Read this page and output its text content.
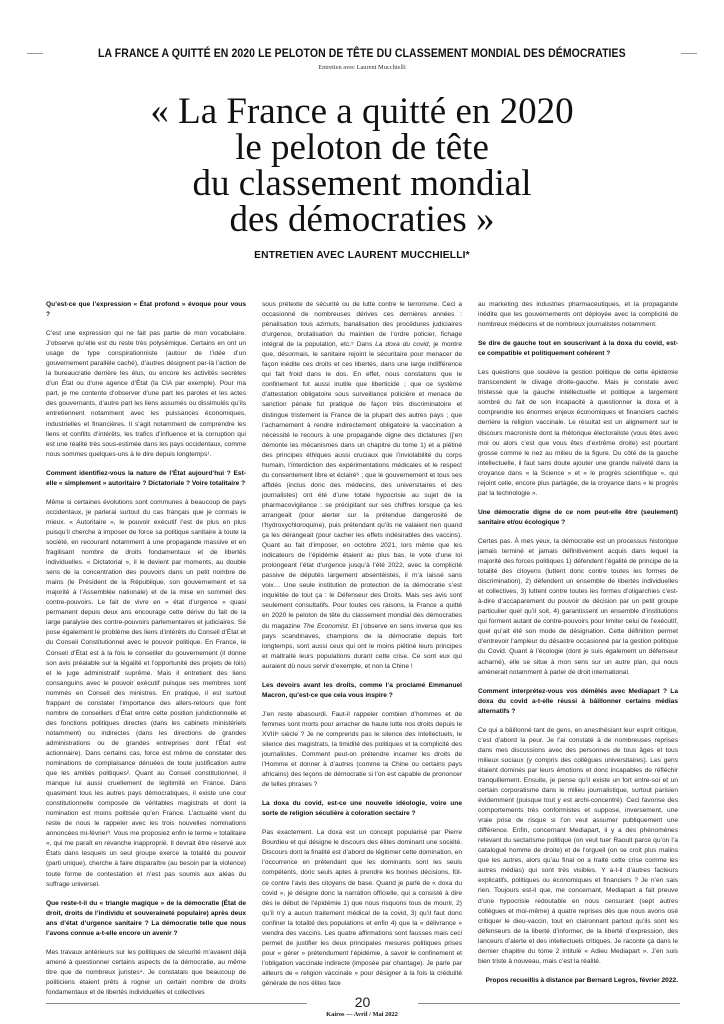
LA FRANCE A QUITTÉ EN 2020 LE PELOTON DE TÊTE DU CLASSEMENT MONDIAL DES DÉMOCRATIES
Entretien avec Laurent Mucchielli
« La France a quitté en 2020
le peloton de tête
du classement mondial
des démocraties »
ENTRETIEN AVEC LAURENT MUCCHIELLI*

Qu’est-ce que l’expression « État profond » évoque pour vous ?

C’est une expression qui ne fait pas partie de mon vocabulaire. J’observe qu’elle est du reste très polysémique. Certains en ont un usage de type conspirationniste (autour de l’idée d’un gouvernement parallèle caché), d’autres désignent par-là l’action de la bureaucratie derrière les élus, ou encore les activités secrètes d’un État ou d’une agence d’État (la CIA par exemple). Pour ma part, je me contente d’observer d’une part les paroles et les actes des gouvernants, d’autre part les liens assumés ou dissimulés qu’ils entretiennent notamment avec les puissances économiques, industrielles et financières. Il s’agit notamment de comprendre les liens et conflits d’intérêts, les trafics d’influence et la corruption qui est une réalité très sous-estimée dans les pays occidentaux, comme nous sommes quelques-uns à le dire depuis longtemps¹.

Comment identifiez-vous la nature de l’État aujourd’hui ? Est-elle « simplement » autoritaire ? Dictatoriale ? Voire totalitaire ?

Même si certaines évolutions sont communes à beaucoup de pays occidentaux, je parlerai surtout du cas français que je connais le mieux. « Autoritaire », le pouvoir exécutif l’est de plus en plus puisqu’il cherche à imposer de force sa politique sanitaire à toute la société, en recourant notamment à une propagande massive et en fragilisant nombre de droits fondamentaux et de libertés individuelles. « Dictatorial », il le devient par moments, au double sens de la concentration des pouvoirs dans un petit nombre de mains (le Président de la République, son gouvernement et sa majorité à l’Assemblée nationale) et de la mise en sommeil des contre-pouvoirs. Le fait de vivre en « état d’urgence » quasi permanent depuis deux ans encourage cette dérive du fait de la large paralysie des contre-pouvoirs parlementaires et judiciaires. Se pose également le problème des liens d’intérêts du Conseil d’État et du Conseil Constitutionnel avec le pouvoir politique. En France, le Conseil d’État est à la fois le conseiller du gouvernement (il donne son avis préalable sur la légalité et l’opportunité des projets de lois) et le juge administratif suprême. Mais il entretient des liens consanguins avec le pouvoir exécutif puisque ses membres sont nommés en Conseil des ministres. En pratique, il est surtout frappant de constater l’importance des allers-retours que font nombre de conseillers d’État entre cette position juridictionnelle et des fonctions politiques directes (dans les cabinets ministériels notamment) ou indirectes (dans les directions de grandes administrations ou de grandes entreprises dont l’État est actionnaire). Dans certains cas, force est même de constater des nominations de complaisance dénuées de toute justification autre que les amitiés politiques². Quant au Conseil constitutionnel, il manque lui aussi cruellement de légitimité en France. Dans quasiment tous les autres pays démocratiques, il existe une cour constitutionnelle composée de véritables magistrats et dont la nomination est moins politisée qu’en France. L’actualité vient du reste de nous le rappeler avec les trois nouvelles nominations annoncées mi-février³. Vous me proposiez enfin le terme « totalitaire », qui me paraît en revanche inapproprié. Il devrait être réservé aux États dans lesquels un seul groupe exerce la totalité du pouvoir (parti unique), cherche à faire disparaître (au besoin par la violence) toute forme de contestation et n’est pas soumis aux aléas du suffrage universel.

Que reste-t-il du « triangle magique » de la démocratie (État de droit, droits de l’individu et souveraineté populaire) après deux ans d’état d’urgence sanitaire ? La démocratie telle que nous l’avons connue a-t-elle encore un avenir ?

Mes travaux antérieurs sur les politiques de sécurité m’avaient déjà amené à questionner certains aspects de la démocratie, au même titre que de nombreux juristes⁴. Je constatais que beaucoup de politiciens étaient prêts à rogner un certain nombre de droits fondamentaux et de libertés individuelles et collectives

sous prétexte de sécurité ou de lutte contre le terrorisme. Ceci a occasionné de nombreuses dérives ces dernières années : pénalisation tous azimuts, banalisation des procédures judiciaires d’urgence, brutalisation du maintien de l’ordre policier, fichage intégral de la population, etc.⁵ Dans La doxa du covid, je montre que, désormais, le sanitaire rejoint le sécuritaire pour menacer de façon inédite ces droits et ces libertés, dans une large indifférence qui fait froid dans le dos. En effet, nous constatons que le confinement fut aussi inutile que liberticide ; que ce système d’attestation obligatoire sous surveillance policière et menace de sanction pénale fut pratiqué de façon très discriminatoire et distingue tristement la France de la plupart des autres pays ; que l’acharnement à rendre indirectement obligatoire la vaccination a nécessité le recours à une propagande digne des dictatures (j’en démonte les mécanismes dans un chapitre du tome 1) et a piétiné des principes éthiques aussi cruciaux que l’inviolabilité du corps humain, l’interdiction des expérimentations médicales et le respect du consentement libre et éclairé⁶ ; que le gouvernement et tous ses affidés (inclus donc des médecins, des universitaires et des journalistes) ont été d’une totale hypocrisie au sujet de la pharmacovigilance : se précipitant sur ses chiffres lorsque ça les arrangeait (pour alerter sur la prétendue dangerosité de l’hydroxychloroquine), puis prétendant qu’ils ne valaient rien quand ça les dérangeait (pour cacher les effets indésirables des vaccins). Quant au fait d’imposer, en octobre 2021, lors même que les indicateurs de l’épidémie étaient au plus bas, le vote d’une loi prolongeant l’état d’urgence jusqu’à l’été 2022, avec la complicité passive de députés largement absentéistes, il m’a laissé sans voix… Une seule institution de protection de la démocratie s’est inquiétée de tout ça : le Défenseur des Droits. Mais ses avis sont seulement consultatifs. Pour toutes ces raisons, la France a quitté en 2020 le peloton de tête du classement mondial des démocraties du magazine The Economist. Et j’observe en sens inverse que les pays scandinaves, champions de la démocratie depuis fort longtemps, sont aussi ceux qui ont le moins piétiné leurs principes et maltraité leurs populations durant cette crise. Ce sont eux qui auraient dû nous servir d’exemple, et non la Chine !

Les devoirs avant les droits, comme l’a proclamé Emmanuel Macron, qu’est-ce que cela vous inspire ?

J’en reste abasourdi. Faut-il rappeler combien d’hommes et de femmes sont morts pour arracher de haute lutte nos droits depuis le XVIIIᵉ siècle ? Je ne comprends pas le silence des intellectuels, le silence des magistrats, la timidité des politiques et la complicité des journalistes. Comment peut-on prétendre incarner les droits de l’Homme et donner à d’autres (comme la Chine ou certains pays africains) des leçons de démocratie si l’on est capable de prononcer de telles phrases ?

La doxa du covid, est-ce une nouvelle idéologie, voire une sorte de religion séculière à coloration sectaire ?

Pas exactement. La doxa est un concept popularisé par Pierre Bourdieu et qui désigne le discours des élites dominant une société. Discours dont la finalité est d’abord de légitimer cette domination, en l’occurrence en prétendant que les dominants sont les seuls compétents, donc seuls aptes à prendre les bonnes décisions, fût-ce contre l’avis des citoyens de base. Quand je parle de « doxa du covid », je désigne donc la narration officielle, qui a consisté à dire dès le début de l’épidémie 1) que nous risquons tous de mourir, 2) qu’il n’y a aucun traitement médical de la covid, 3) qu’il faut donc confiner la totalité des populations et enfin 4) que la « délivrance » viendra des vaccins. Les quatre affirmations sont fausses mais ceci permet de justifier les deux principales mesures politiques prises pour « gérer » prétendument l’épidémie, à savoir le confinement et l’obligation vaccinale indirecte (imposée par chantage). Je parle par ailleurs de « religion vaccinale » pour désigner à la fois la crédulité générale de nos élites face

au marketing des industries pharmaceutiques, et la propagande inédite que les gouvernements ont déployée avec la complicité de nombreux médecins et de nombreux journalistes notamment.

Se dire de gauche tout en souscrivant à la doxa du covid, est-ce compatible et politiquement cohérent ?

Les questions que soulève la gestion politique de cette épidémie transcendent le clivage droite-gauche. Mais je constate avec tristesse que la gauche intellectuelle et politique a largement sombré du fait de son incapacité à questionner la doxa et à comprendre les énormes enjeux économiques et financiers cachés derrière la religion vaccinale. Le résultat est un alignement sur le discours macroniste dont la rhétorique électoraliste (vous êtes avec moi ou alors c’est que vous êtes d’extrême droite) est pourtant grosse comme le nez au milieu de la figure. Du côté de la gauche intellectuelle, il faut sans doute ajouter une grande naïveté dans la croyance dans « la Science » et « le progrès scientifique », qui rejoint celle, encore plus partagée, de la croyance dans « le progrès par la technologie ».

Une démocratie digne de ce nom peut-elle être (seulement) sanitaire et/ou écologique ?

Certes pas. À mes yeux, la démocratie est un processus historique jamais terminé et jamais définitivement acquis dans lequel la majorité des forces politiques 1) défendent l’égalité de principe de la totalité des citoyens (luttent donc contre toutes les formes de discrimination), 2) défendent un ensemble de libertés individuelles et collectives, 3) luttent contre toutes les formes d’oligarchies c’est-à-dire d’accaparement du pouvoir de décision par un petit groupe particulier quel qu’il soit, 4) garantissent un ensemble d’institutions qui forment autant de contre-pouvoirs pour limiter celui de l’exécutif, quel qu’ait été son mode de désignation. Cette définition permet d’entrevoir l’ampleur du désastre occasionné par la gestion politique du Covid. Quant à l’écologie (dont je suis également un défenseur acharné), elle se situe à mon sens sur un autre plan, qui nous amènerait notamment à parler de droit international.

Comment interprétez-vous vos démêlés avec Mediapart ? La doxa du covid a-t-elle réussi à bâillonner certains médias alternatifs ?

Ce qui a bâillonné tant de gens, en anesthésiant leur esprit critique, c’est d’abord la peur. Je l’ai constaté à de nombreuses reprises dans mes discussions avec des personnes de tous âges et tous milieux sociaux (y compris des collègues universitaires). Les gens étaient dominés par leurs émotions et donc incapables de réfléchir tranquillement. Ensuite, je pense qu’il existe un fort entre-soi et un certain corporatisme dans le milieu journalistique, surtout parisien évidemment (puisque tout y est archi-concentré). Ceci favorise des comportements très conformistes et suppose, inversement, une vraie prise de risque si l’on veut assumer publiquement une différence. Enfin, concernant Mediapart, il y a des phénomènes relevant du sectarisme politique (on veut tuer Raoult parce qu’on l’a catalogué homme de droite) et de l’orgueil (on se croit plus malins que les autres, alors qu’au final on a traité cette crise comme les autres médias) qui sont très visibles. Y a-t-il d’autres facteurs explicatifs, politiques ou économiques et financiers ? Je n’en sais rien. Toujours est-il que, me concernant, Mediapart a fait preuve d’une hypocrisie redoutable en nous censurant (sept autres collègues et moi-même) à quatre reprises dès que nous avons osé critiquer le dieu-vaccin, tout en claironnant partout qu’ils sont les défenseurs de la liberté d’informer, de la liberté d’expression, des lanceurs d’alerte et des intellectuels critiques. Je raconte ça dans le dernier chapitre du tome 2 intitulé « Adieu Mediapart ». J’en suis bien triste à nouveau, mais c’est la réalité.

Propos recueillis à distance par Bernard Legros, février 2022.

20
Kairos — Avril / Mai 2022
